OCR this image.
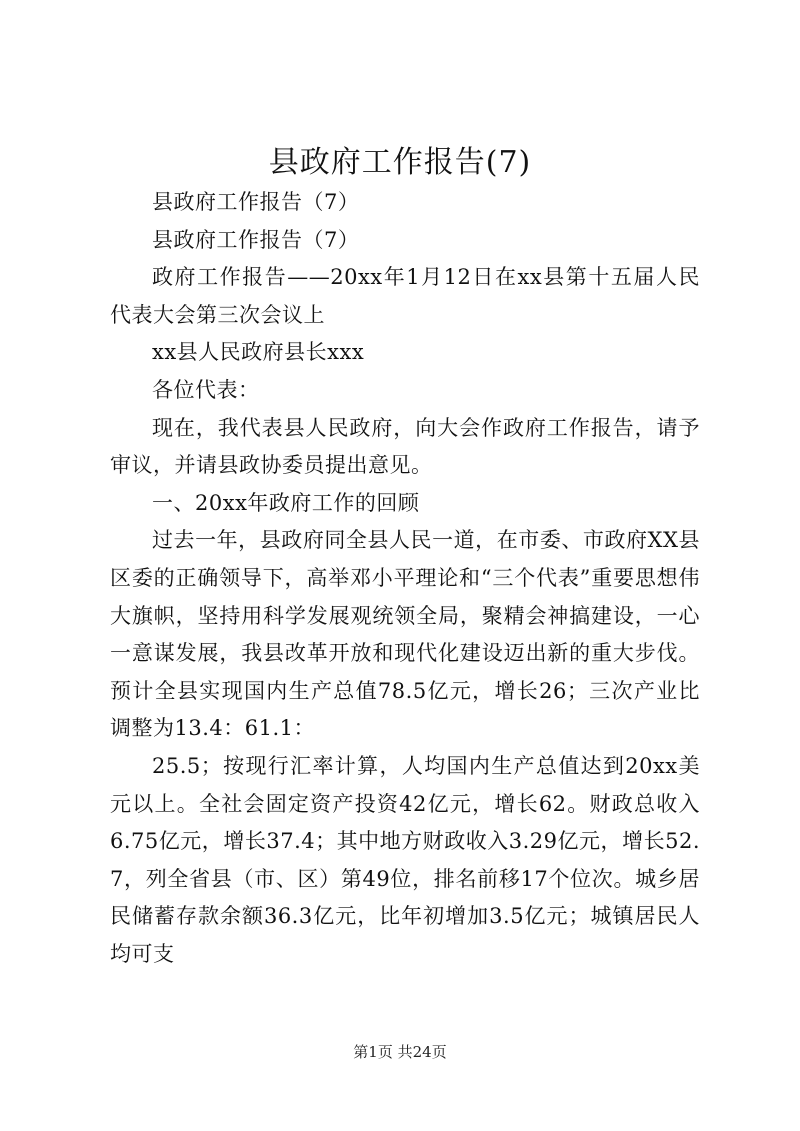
县政府工作报告(7)

县政府工作报告（7）

县政府工作报告（7）

政府工作报告——20xx年1月12日在xx县第十五届人民代表大会第三次会议上

xx县人民政府县长xxx

各位代表：

现在，我代表县人民政府，向大会作政府工作报告，请予审议，并请县政协委员提出意见。

一、20xx年政府工作的回顾

过去一年，县政府同全县人民一道，在市委、市政府XX县区委的正确领导下，高举邓小平理论和“三个代表”重要思想伟大旗帜，坚持用科学发展观统领全局，聚精会神搞建设，一心一意谋发展，我县改革开放和现代化建设迈出新的重大步伐。预计全县实现国内生产总值78.5亿元，增长26；三次产业比调整为13.4：61.1：

25.5；按现行汇率计算，人均国内生产总值达到20xx美元以上。全社会固定资产投资42亿元，增长62。财政总收入6.75亿元，增长37.4；其中地方财政收入3.29亿元，增长52.7，列全省县（市、区）第49位，排名前移17个位次。城乡居民储蓄存款余额36.3亿元，比年初增加3.5亿元；城镇居民人均可支

第1页 共24页
